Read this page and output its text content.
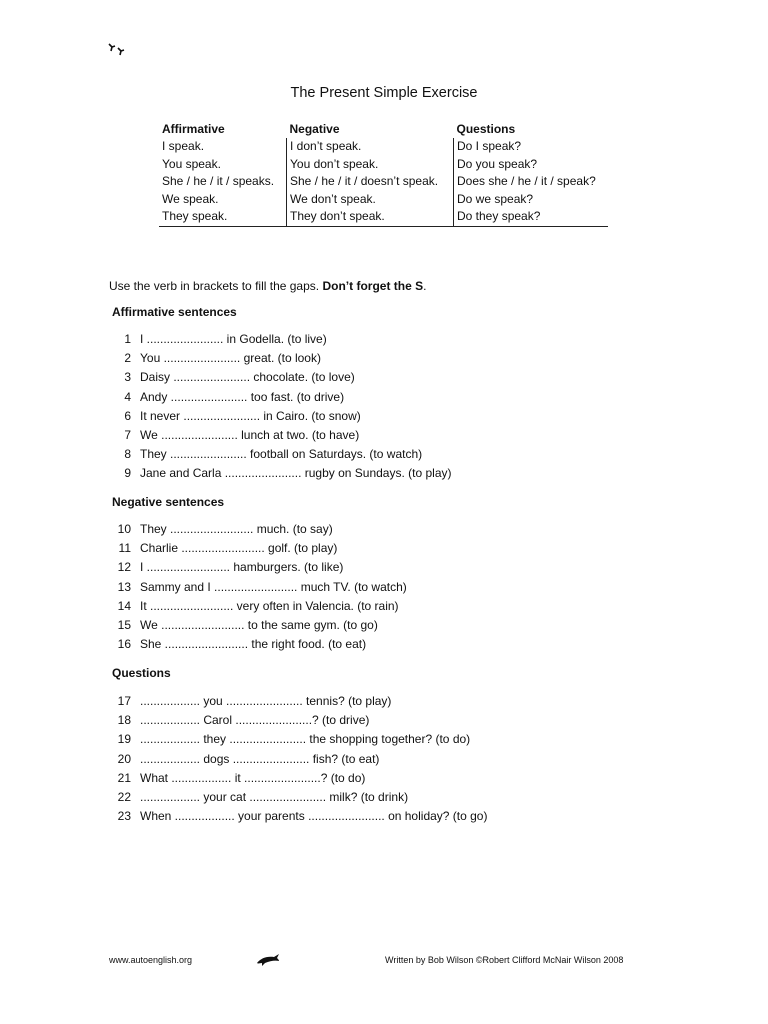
The Present Simple Exercise
Affirmative	Negative	Questions
I speak.	I don’t speak.	Do I speak?
You speak.	You don’t speak.	Do you speak?
She / he / it / speaks.	She / he / it / doesn’t speak.	Does she / he / it / speak?
We speak.	We don’t speak.	Do we speak?
They speak.	They don’t speak.	Do they speak?
Use the verb in brackets to fill the gaps. Don’t forget the S.
Affirmative sentences
1 I ....................... in Godella. (to live)
2 You ....................... great. (to look)
3 Daisy ....................... chocolate. (to love)
4 Andy ....................... too fast. (to drive)
6 It never ....................... in Cairo. (to snow)
7 We ....................... lunch at two. (to have)
8 They ....................... football on Saturdays. (to watch)
9 Jane and Carla ....................... rugby on Sundays. (to play)
Negative sentences
10 They ......................... much. (to say)
11 Charlie ......................... golf. (to play)
12 I ......................... hamburgers. (to like)
13 Sammy and I ......................... much TV. (to watch)
14 It ......................... very often in Valencia. (to rain)
15 We ......................... to the same gym. (to go)
16 She ......................... the right food. (to eat)
Questions
17 .................. you ....................... tennis? (to play)
18 .................. Carol .......................? (to drive)
19 .................. they ....................... the shopping together? (to do)
20 .................. dogs ....................... fish? (to eat)
21 What .................. it .......................? (to do)
22 .................. your cat ....................... milk? (to drink)
23 When .................. your parents ....................... on holiday? (to go)
www.autoenglish.org	Written by Bob Wilson ©Robert Clifford McNair Wilson 2008
